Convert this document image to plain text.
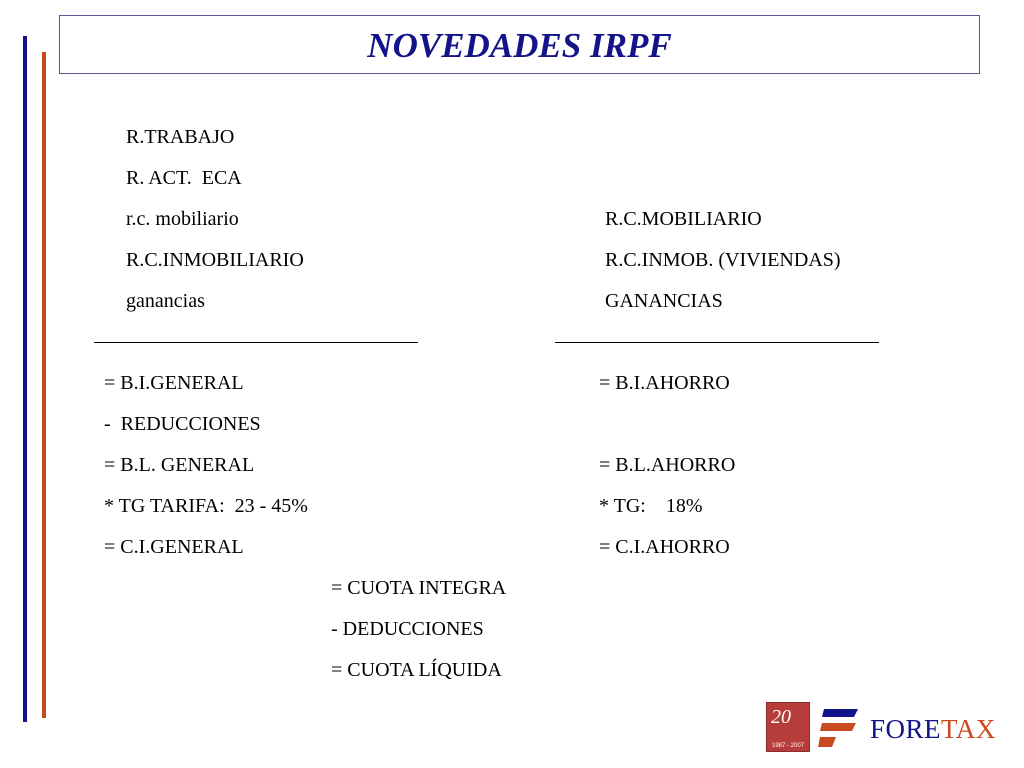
NOVEDADES IRPF
R.TRABAJO
R. ACT.  ECA
r.c. mobiliario
R.C.INMOBILIARIO
ganancias
R.C.MOBILIARIO
R.C.INMOB. (VIVIENDAS)
GANANCIAS
= B.I.GENERAL
-  REDUCCIONES
= B.L. GENERAL
* TG TARIFA:  23 - 45%
= C.I.GENERAL
= B.I.AHORRO
= B.L.AHORRO
* TG:    18%
= C.I.AHORRO
= CUOTA INTEGRA
- DEDUCCIONES
= CUOTA LÍQUIDA
20
1987 - 2007
FORETAX
